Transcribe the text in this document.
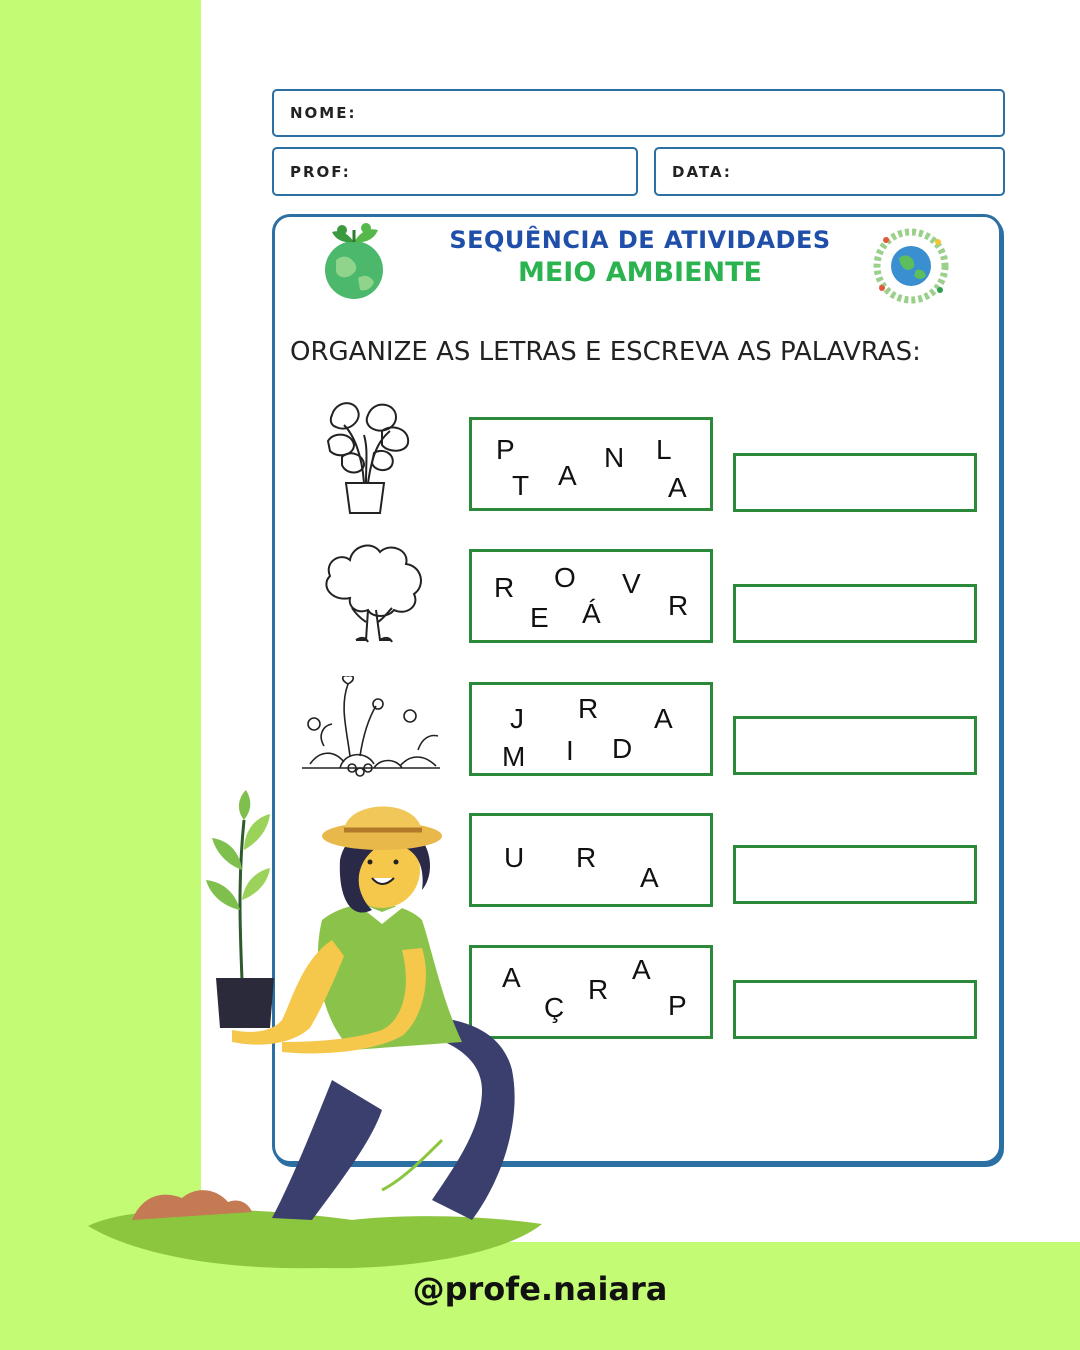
NOME:
PROF:	DATA:
SEQUÊNCIA DE ATIVIDADES
MEIO AMBIENTE
ORGANIZE AS LETRAS E ESCREVA AS PALAVRAS:
P	L
N
A
T	A
R O V
E Á R
J R A
M I D
U R
A
A	A
R
Ç	P
@profe.naiara
